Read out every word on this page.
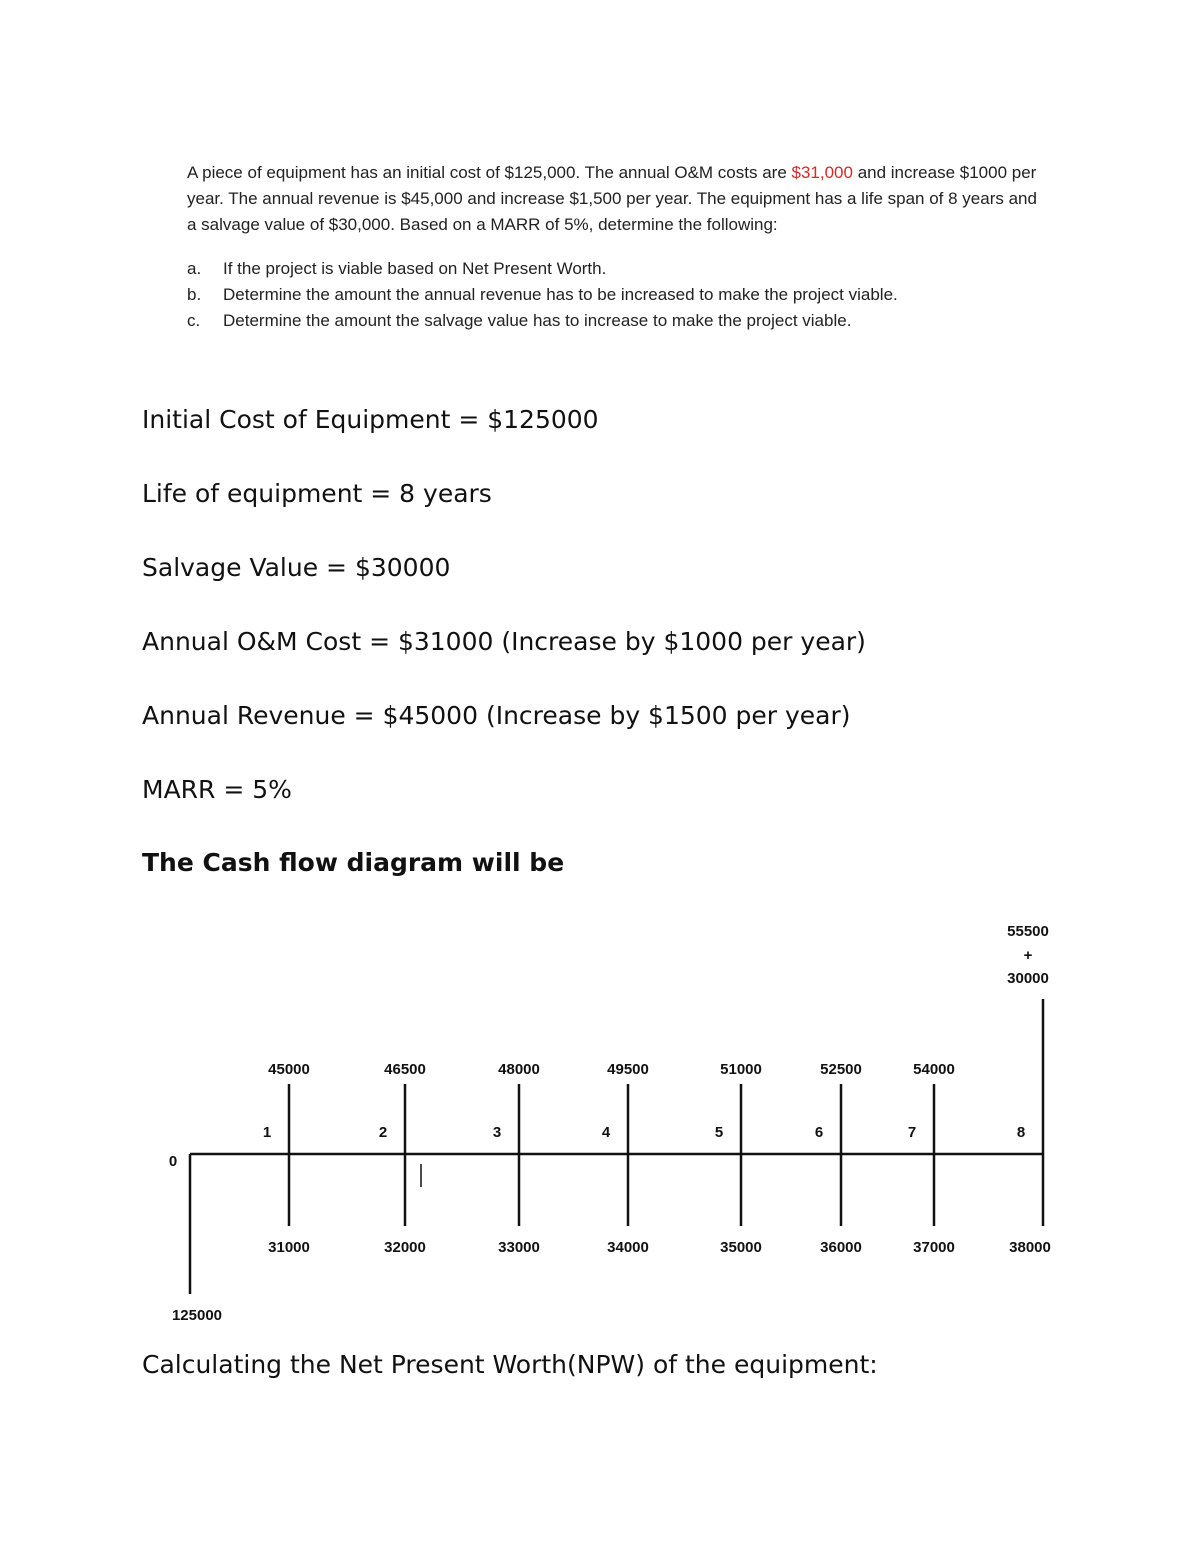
A piece of equipment has an initial cost of $125,000. The annual O&M costs are $31,000 and increase $1000 per year. The annual revenue is $45,000 and increase $1,500 per year. The equipment has a life span of 8 years and a salvage value of $30,000. Based on a MARR of 5%, determine the following:

a. If the project is viable based on Net Present Worth.
b. Determine the amount the annual revenue has to be increased to make the project viable.
c. Determine the amount the salvage value has to increase to make the project viable.

Initial Cost of Equipment = $125000

Life of equipment = 8 years

Salvage Value = $30000

Annual O&M Cost = $31000 (Increase by $1000 per year)

Annual Revenue = $45000 (Increase by $1500 per year)

MARR = 5%

The Cash flow diagram will be

0
125000
1
45000
31000
2
46500
32000
3
48000
33000
4
49500
34000
5
51000
35000
6
52500
36000
7
54000
37000
8
38000
55500
+
30000

Calculating the Net Present Worth(NPW) of the equipment:
